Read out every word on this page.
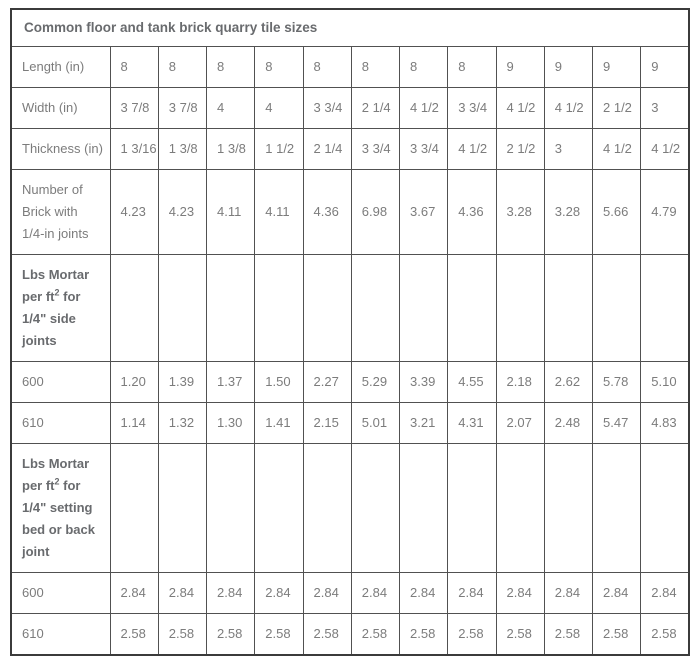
Common floor and tank brick quarry tile sizes												
Length (in)	8	8	8	8	8	8	8	8	9	9	9	9
Width (in)	3 7/8	3 7/8	4	4	3 3/4	2 1/4	4 1/2	3 3/4	4 1/2	4 1/2	2 1/2	3
Thickness (in)	1 3/16	1 3/8	1 3/8	1 1/2	2 1/4	3 3/4	3 3/4	4 1/2	2 1/2	3	4 1/2	4 1/2
Number of Brick with 1/4-in joints	4.23	4.23	4.11	4.11	4.36	6.98	3.67	4.36	3.28	3.28	5.66	4.79
Lbs Mortar per $ft^2$ for 1/4" side joints												
600	1.20	1.39	1.37	1.50	2.27	5.29	3.39	4.55	2.18	2.62	5.78	5.10
610	1.14	1.32	1.30	1.41	2.15	5.01	3.21	4.31	2.07	2.48	5.47	4.83
Lbs Mortar per $ft^2$ for 1/4" setting bed or back joint												
600	2.84	2.84	2.84	2.84	2.84	2.84	2.84	2.84	2.84	2.84	2.84	2.84
610	2.58	2.58	2.58	2.58	2.58	2.58	2.58	2.58	2.58	2.58	2.58	2.58
